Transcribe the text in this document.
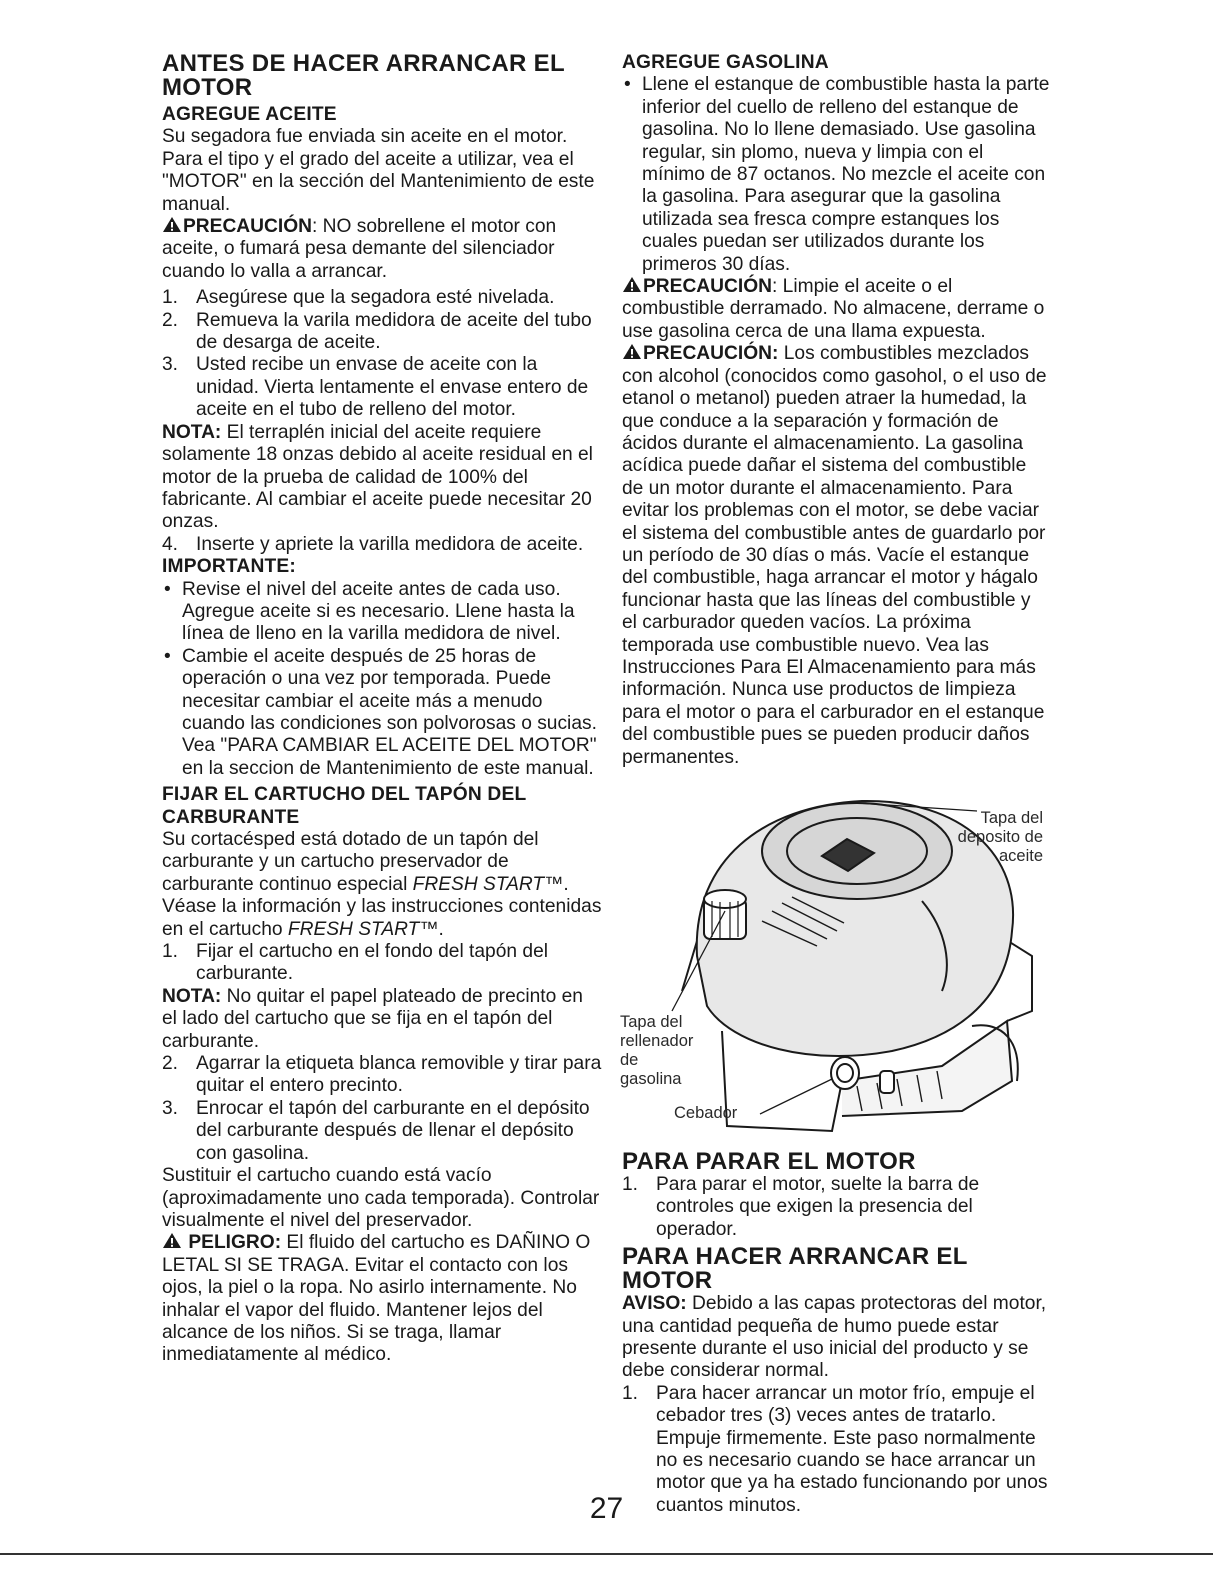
ANTES DE HACER ARRANCAR EL MOTOR
AGREGUE ACEITE

Su segadora fue enviada sin aceite en el motor. Para el tipo y el grado del aceite a utilizar, vea el "MOTOR" en la sección del Mantenimiento de este manual.

PRECAUCIÓN: NO sobrellene el motor con aceite, o fumará pesa demante del silenciador cuando lo valla a arrancar.

1. Asegúrese que la segadora esté nivelada.
2. Remueva la varila medidora de aceite del tubo de desarga de aceite.
3. Usted recibe un envase de aceite con la unidad. Vierta lentamente el envase entero de aceite en el tubo de relleno del motor.

NOTA: El terraplén inicial del aceite requiere solamente 18 onzas debido al aceite residual en el motor de la prueba de calidad de 100% del fabricante. Al cambiar el aceite puede necesitar 20 onzas.

4. Inserte y apriete la varilla medidora de aceite.
IMPORTANTE:
• Revise el nivel del aceite antes de cada uso. Agregue aceite si es necesario. Llene hasta la línea de lleno en la varilla medidora de nivel.
• Cambie el aceite después de 25 horas de operación o una vez por temporada. Puede necesitar cambiar el aceite más a menudo cuando las condiciones son polvorosas o sucias. Vea "PARA CAMBIAR EL ACEITE DEL MOTOR" en la seccion de Mantenimiento de este manual.
FIJAR EL CARTUCHO DEL TAPÓN DEL CARBURANTE

Su cortacésped está dotado de un tapón del carburante y un cartucho preservador de carburante continuo especial FRESH START™. Véase la información y las instrucciones contenidas en el cartucho FRESH START™.

1. Fijar el cartucho en el fondo del tapón del carburante.

NOTA: No quitar el papel plateado de precinto en el lado del cartucho que se fija en el tapón del carburante.

2. Agarrar la etiqueta blanca removible y tirar para quitar el entero precinto.
3. Enrocar el tapón del carburante en el depósito del carburante después de llenar el depósito con gasolina.

Sustituir el cartucho cuando está vacío (aproximadamente uno cada temporada). Controlar visualmente el nivel del preservador.

PELIGRO: El fluido del cartucho es DAÑINO O LETAL SI SE TRAGA. Evitar el contacto con los ojos, la piel o la ropa. No asirlo internamente. No inhalar el vapor del fluido. Mantener lejos del alcance de los niños. Si se traga, llamar inmediatamente al médico.

AGREGUE GASOLINA
• Llene el estanque de combustible hasta la parte inferior del cuello de relleno del estanque de gasolina. No lo llene demasiado. Use gasolina regular, sin plomo, nueva y limpia con el mínimo de 87 octanos. No mezcle el aceite con la gasolina. Para asegurar que la gasolina utilizada sea fresca compre estanques los cuales puedan ser utilizados durante los primeros 30 días.

PRECAUCIÓN: Limpie el aceite o el combustible derramado. No almacene, derrame o use gasolina cerca de una llama expuesta.

PRECAUCIÓN: Los combustibles mezclados con alcohol (conocidos como gasohol, o el uso de etanol o metanol) pueden atraer la humedad, la que conduce a la separación y formación de ácidos durante el almacenamiento. La gasolina acídica puede dañar el sistema del combustible de un motor durante el almacenamiento. Para evitar los problemas con el motor, se debe vaciar el sistema del combustible antes de guardarlo por un período de 30 días o más. Vacíe el estanque del combustible, haga arrancar el motor y hágalo funcionar hasta que las líneas del combustible y el carburador queden vacíos. La próxima temporada use combustible nuevo. Vea las Instrucciones Para El Almacenamiento para más información. Nunca use productos de limpieza para el motor o para el carburador en el estanque del combustible pues se pueden producir daños permanentes.

Tapa del deposito de aceite
Tapa del rellenador de gasolina
Cebador
PARA PARAR EL MOTOR
1. Para parar el motor, suelte la barra de controles que exigen la presencia del operador.
PARA HACER ARRANCAR EL MOTOR

AVISO: Debido a las capas protectoras del motor, una cantidad pequeña de humo puede estar presente durante el uso inicial del producto y se debe considerar normal.

1. Para hacer arrancar un motor frío, empuje el cebador tres (3) veces antes de tratarlo. Empuje firmemente. Este paso normalmente no es necesario cuando se hace arrancar un motor que ya ha estado funcionando por unos cuantos minutos.
27
